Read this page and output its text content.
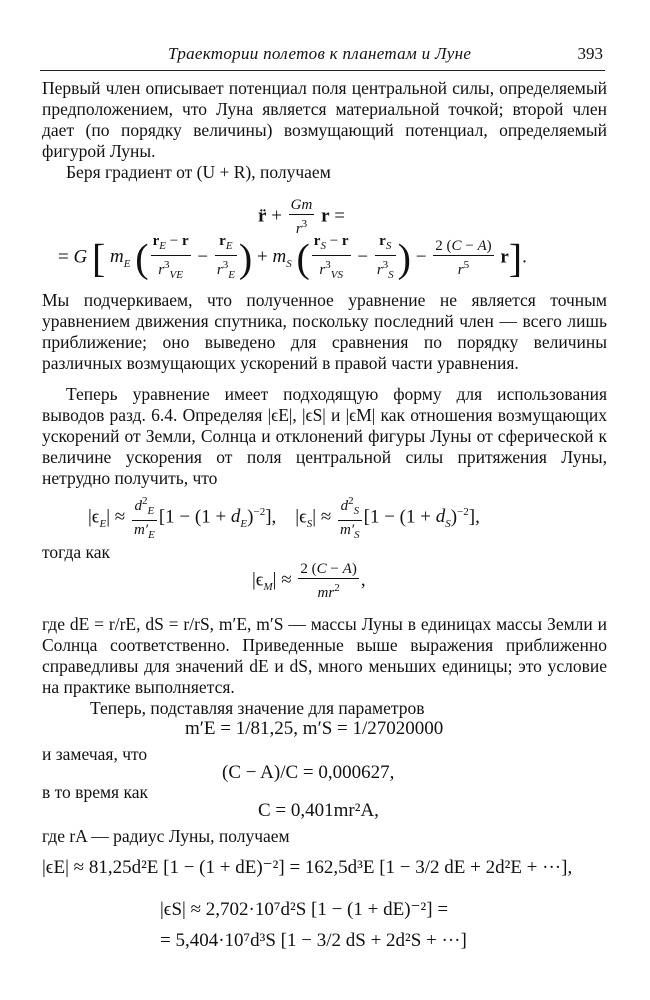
Траектории полетов к планетам и Луне	393

Первый член описывает потенциал поля центральной силы, определяемый предположением, что Луна является материальной точкой; второй член дает (по порядку величины) возмущающий потенциал, определяемый фигурой Луны.

Беря градиент от (U + R), получаем

r̈ + $\frac{Gm}{r^3}$ r =
= G [ $m_E$ ( $\frac{r_E - r}{r^3_{VE}} - \frac{r_E}{r^3_E}$ ) + $m_S$ ( $\frac{r_S - r}{r^3_{VS}} - \frac{r_S}{r^3_S}$ ) − $\frac{2 (C - A)}{r^5} r$].

Мы подчеркиваем, что полученное уравнение не является точным уравнением движения спутника, поскольку последний член — всего лишь приближение; оно выведено для сравнения по порядку величины различных возмущающих ускорений в правой части уравнения.

Теперь уравнение имеет подходящую форму для использования выводов разд. 6.4. Определяя |ϵE|, |ϵS| и |ϵM| как отношения возмущающих ускорений от Земли, Солнца и отклонений фигуры Луны от сферической к величине ускорения от поля центральной силы притяжения Луны, нетрудно получить, что

$|\epsilon_E| \approx \frac{d^2_E}{m'_E} [1 - (1 + d_E)^{-2}]$,    $|\epsilon_S| \approx \frac{d^2_S}{m'_S} [1 - (1 + d_S)^{-2}]$,
тогда как
$|\epsilon_M| \approx \frac{2 (C - A)}{mr^2}$ ,

где dE = r/rE, dS = r/rS, m′E, m′S — массы Луны в единицах массы Земли и Солнца соответственно. Приведенные выше выражения приближенно справедливы для значений dE и dS, много меньших единицы; это условие на практике выполняется.

Теперь, подставляя значение для параметров
m′E = 1/81,25, m′S = 1/27020000
и замечая, что
(C − A)/C = 0,000627,
в то время как
C = 0,401mr²A,
где rA — радиус Луны, получаем
|ϵE| ≈ 81,25d²E [1 − (1 + dE)⁻²] = 162,5d³E [1 − 3/2 dE + 2d²E + ···],
|ϵS| ≈ 2,702·10⁷d²S [1 − (1 + dE)⁻²] =
= 5,404·10⁷d³S [1 − 3/2 dS + 2d²S + ···]
